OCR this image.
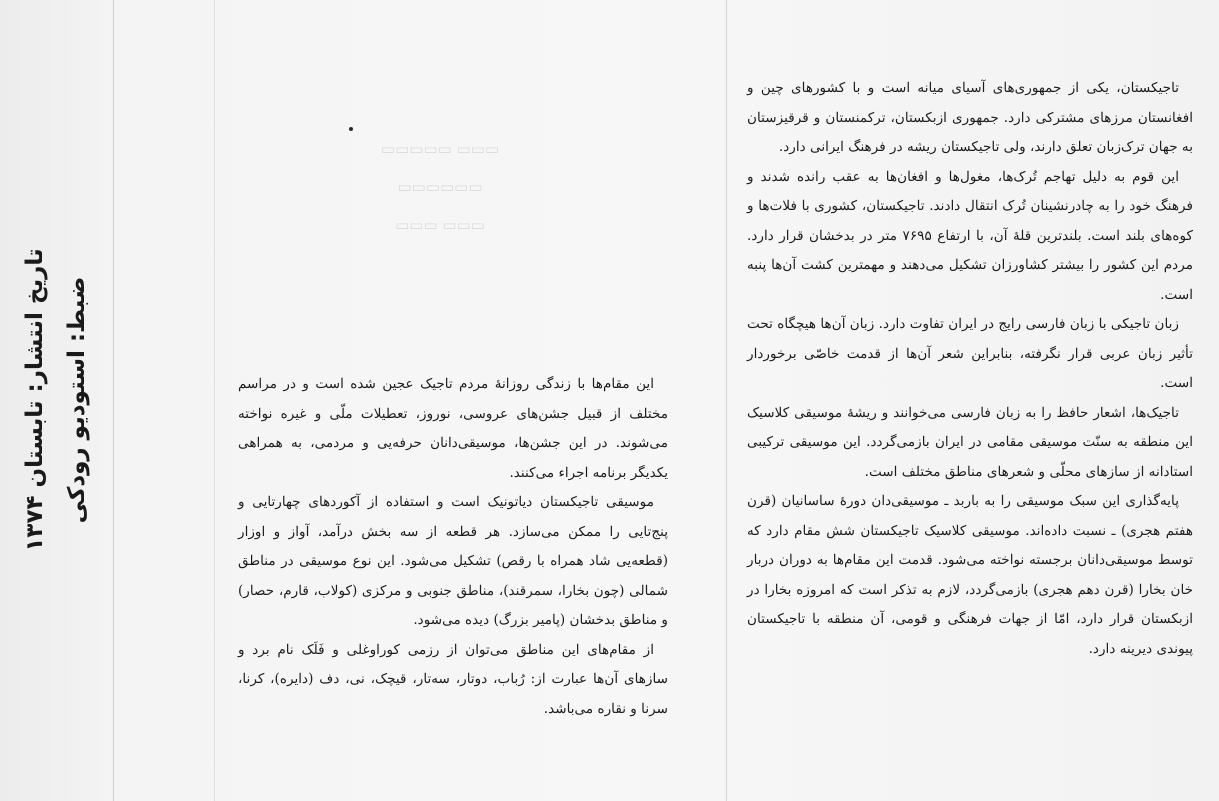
تاریخ انتشار: تابستان ۱۳۷۴ ضبط: استودیو رودکی
▭▭▭ ▭▭▭▭▭
▭▭▭▭▭▭
▭▭▭ ▭▭▭

این مقام‌ها با زندگی روزانهٔ مردم تاجیک عجین شده است و در مراسم مختلف از قبیل جشن‌های عروسی، نوروز، تعطیلات ملّی و غیره نواخته می‌شوند. در این جشن‌ها، موسیقی‌دانان حرفه‌یی و مردمی، به همراهی یکدیگر برنامه اجراء می‌کنند.

موسیقی تاجیکستان دیاتونیک است و استفاده از آکوردهای چهارتایی و پنج‌تایی را ممکن می‌سازد. هر قطعه از سه بخش درآمد، آواز و اوزار (قطعه‌یی شاد همراه با رقص) تشکیل می‌شود. این نوع موسیقی در مناطق شمالی (چون بخارا، سمرقند)، مناطق جنوبی و مرکزی (کولاب، قارم، حصار) و مناطق بدخشان (پامیر بزرگ) دیده می‌شود.

از مقام‌های این مناطق می‌توان از رزمی کوراوغلی و فَلَک نام برد و سازهای آن‌ها عبارت از: رُباب، دوتار، سه‌تار، قیچک، نی، دف (دایره)، کرنا، سرنا و نقاره می‌باشد.

تاجیکستان، یکی از جمهوری‌های آسیای میانه است و با کشورهای چین و افغانستان مرزهای مشترکی دارد. جمهوری ازبکستان، ترکمنستان و قرقیزستان به جهان ترک‌زبان تعلق دارند، ولی تاجیکستان ریشه در فرهنگ ایرانی دارد.

این قوم به دلیل تهاجم تُرک‌ها، مغول‌ها و افغان‌ها به عقب رانده شدند و فرهنگ خود را به چادرنشینان تُرک انتقال دادند. تاجیکستان، کشوری با فلات‌ها و کوه‌های بلند است. بلندترین قلهٔ آن، با ارتفاع ۷۶۹۵ متر در بدخشان قرار دارد. مردم این کشور را بیشتر کشاورزان تشکیل می‌دهند و مهمترین کشت آن‌ها پنبه است.

زبان تاجیکی با زبان فارسی رایج در ایران تفاوت دارد. زبان آن‌ها هیچگاه تحت تأثیر زبان عربی قرار نگرفته، بنابراین شعر آن‌ها از قدمت خاصّی برخوردار است.

تاجیک‌ها، اشعار حافظ را به زبان فارسی می‌خوانند و ریشهٔ موسیقی کلاسیک این منطقه به سنّت موسیقی مقامی در ایران بازمی‌گردد. این موسیقی ترکیبی استادانه از سازهای محلّی و شعرهای مناطق مختلف است.

پایه‌گذاری این سبک موسیقی را به باربد ـ موسیقی‌دان دورهٔ ساسانیان (قرن هفتم هجری) ـ نسبت داده‌اند. موسیقی کلاسیک تاجیکستان شش مقام دارد که توسط موسیقی‌دانان برجسته نواخته می‌شود. قدمت این مقام‌ها به دوران دربار خان بخارا (قرن دهم هجری) بازمی‌گردد، لازم به تذکر است که امروزه بخارا در ازبکستان قرار دارد، امّا از جهات فرهنگی و قومی، آن منطقه با تاجیکستان پیوندی دیرینه دارد.
